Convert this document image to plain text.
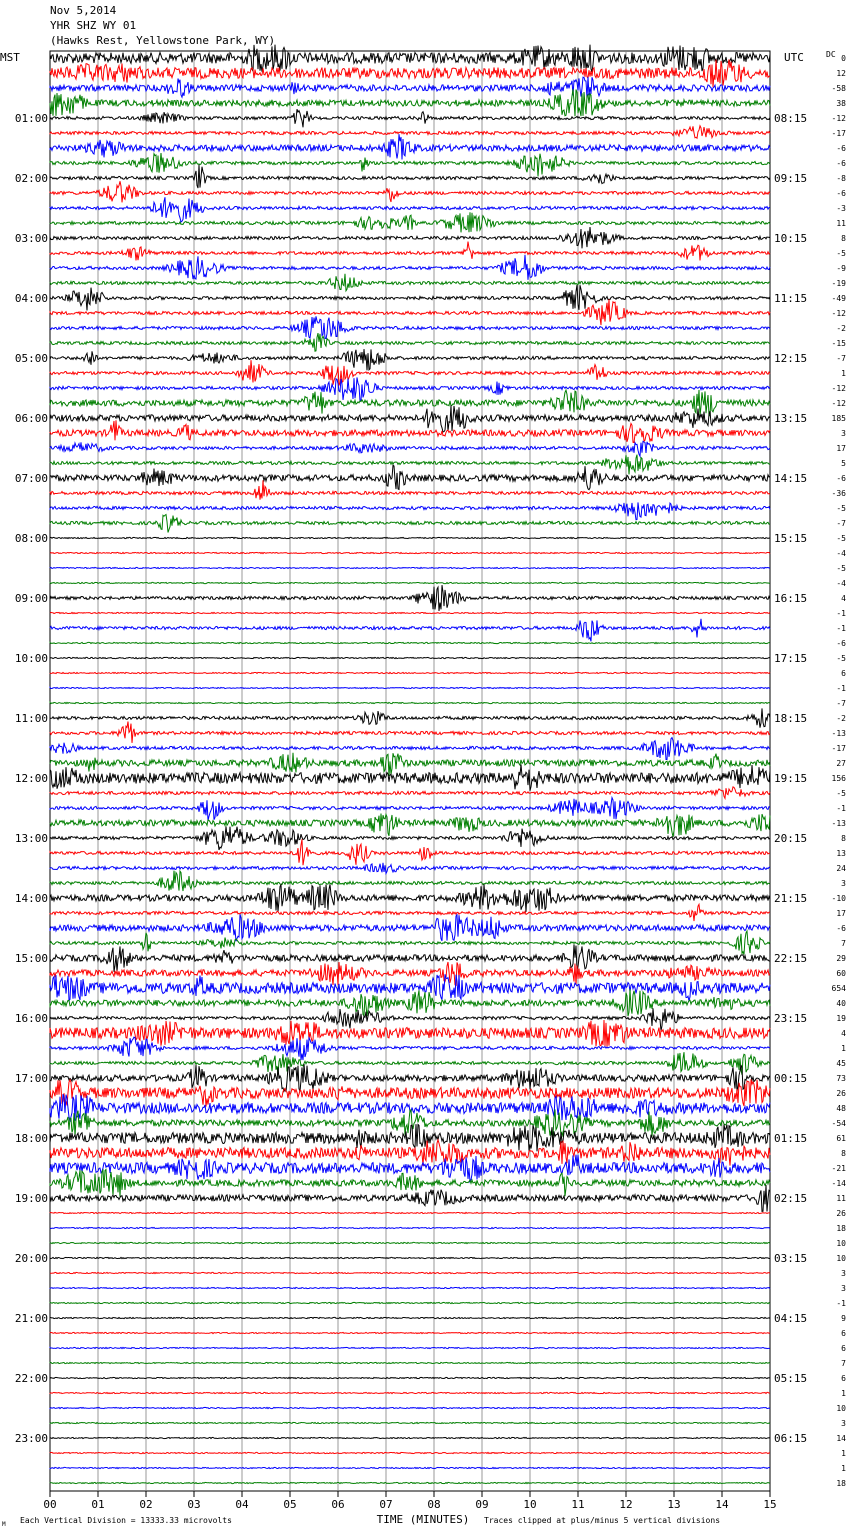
Nov 5,2014
YHR SHZ WY 01
(Hawks Rest, Yellowstone Park, WY)
MST	UTC	DC
01:00	08:15
02:00	09:15
03:00	10:15
04:00	11:15
05:00	12:15
06:00	13:15
07:00	14:15
08:00	15:15
09:00	16:15
10:00	17:15
11:00	18:15
12:00	19:15
13:00	20:15
14:00	21:15
15:00	22:15
16:00	23:15
17:00	00:15
18:00	01:15
19:00	02:15
20:00	03:15
21:00	04:15
22:00	05:15
23:00	06:15
0
12
-58
38
-12
-17
-6
-6
-8
-6
-3
11
8
-5
-9
-19
-49
-12
-2
-15
-7
1
-12
-12
185
3
17
5
-6
-36
-5
-7
-5
-4
-5
-4
4
-1
-1
-6
-5
6
-1
-7
-2
-13
-17
27
156
-5
-1
-13
8
13
24
3
-10
17
-6
7
29
60
654
40
19
4
1
45
73
26
48
-54
61
8
-21
-14
11
26
18
10
10
3
3
-1
9
6
6
7
6
1
10
3
14
1
1
18
00	01	02	03	04	05	06	07	08	09	10	11	12	13	14	15
TIME (MINUTES)
Each Vertical Division = 13333.33 microvolts	Traces clipped at plus/minus 5 vertical divisions
M
